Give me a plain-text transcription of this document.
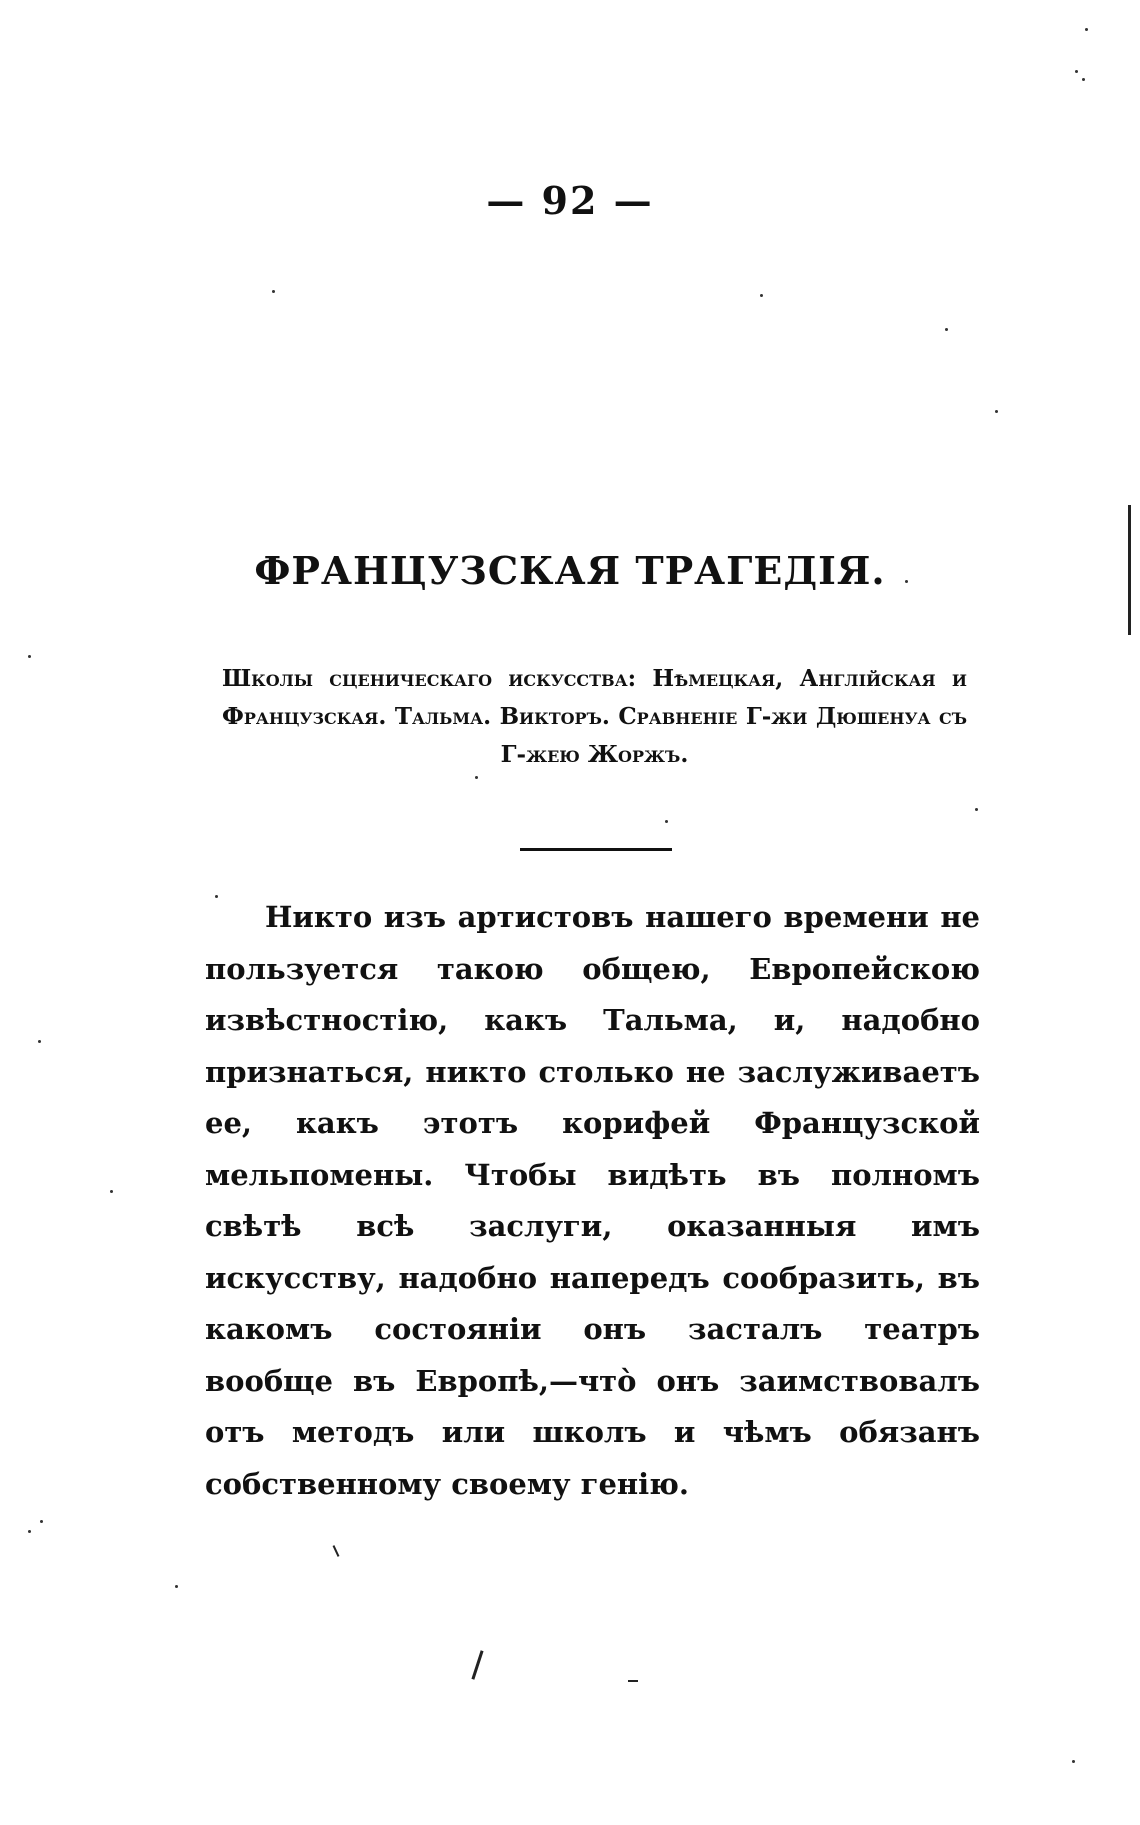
— 92 —
ФРАНЦУЗСКАЯ ТРАГЕДІЯ.
Школы сценическаго искусства: Нѣмецкая, Англійская и Французская. Тальма. Викторъ. Сравненіе Г-жи Дюшенуа съ Г-жею Жоржъ.
Никто изъ артистовъ нашего времени не пользуется такою общею, Европейскою извѣстностію, какъ Тальма, и, надобно признаться, никто столько не заслуживаетъ ее, какъ этотъ корифей Французской мельпомены. Чтобы видѣть въ полномъ свѣтѣ всѣ заслуги, оказанныя имъ искусству, надобно напередъ сообразить, въ какомъ состояніи онъ засталъ театръ вообще въ Европѣ,—что̀ онъ заимствовалъ отъ методъ или школъ и чѣмъ обязанъ собственному своему генію.
